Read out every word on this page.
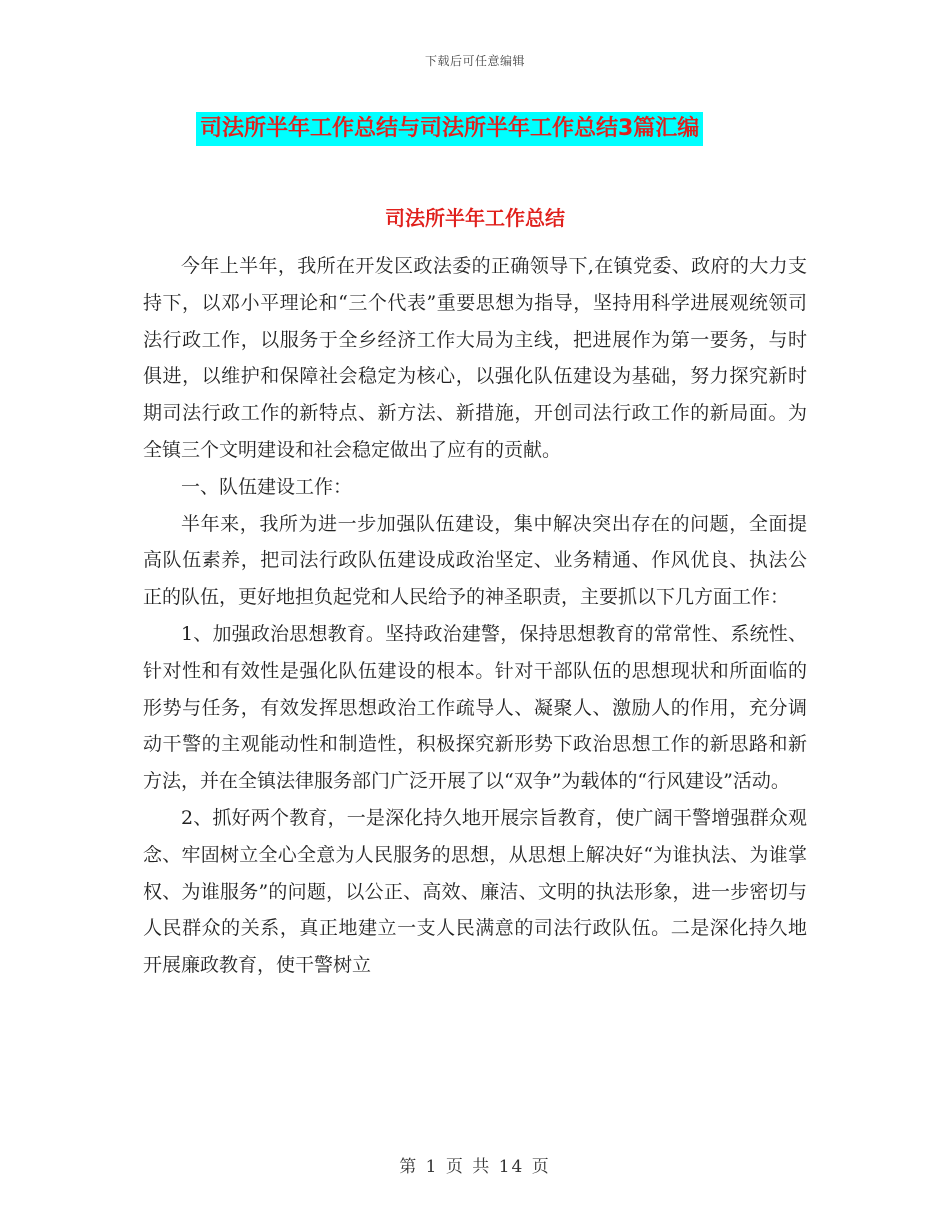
下载后可任意编辑
司法所半年工作总结与司法所半年工作总结3篇汇编
司法所半年工作总结

今年上半年，我所在开发区政法委的正确领导下,在镇党委、政府的大力支持下，以邓小平理论和“三个代表”重要思想为指导，坚持用科学进展观统领司法行政工作，以服务于全乡经济工作大局为主线，把进展作为第一要务，与时俱进，以维护和保障社会稳定为核心，以强化队伍建设为基础，努力探究新时期司法行政工作的新特点、新方法、新措施，开创司法行政工作的新局面。为全镇三个文明建设和社会稳定做出了应有的贡献。

一、队伍建设工作：

半年来，我所为进一步加强队伍建设，集中解决突出存在的问题，全面提高队伍素养，把司法行政队伍建设成政治坚定、业务精通、作风优良、执法公正的队伍，更好地担负起党和人民给予的神圣职责，主要抓以下几方面工作：

1、加强政治思想教育。坚持政治建警，保持思想教育的常常性、系统性、针对性和有效性是强化队伍建设的根本。针对干部队伍的思想现状和所面临的形势与任务，有效发挥思想政治工作疏导人、凝聚人、激励人的作用，充分调动干警的主观能动性和制造性，积极探究新形势下政治思想工作的新思路和新方法，并在全镇法律服务部门广泛开展了以“双争”为载体的“行风建设”活动。

2、抓好两个教育，一是深化持久地开展宗旨教育，使广阔干警增强群众观念、牢固树立全心全意为人民服务的思想，从思想上解决好“为谁执法、为谁掌权、为谁服务”的问题，以公正、高效、廉洁、文明的执法形象，进一步密切与人民群众的关系，真正地建立一支人民满意的司法行政队伍。二是深化持久地开展廉政教育，使干警树立

第 1 页 共 14 页
